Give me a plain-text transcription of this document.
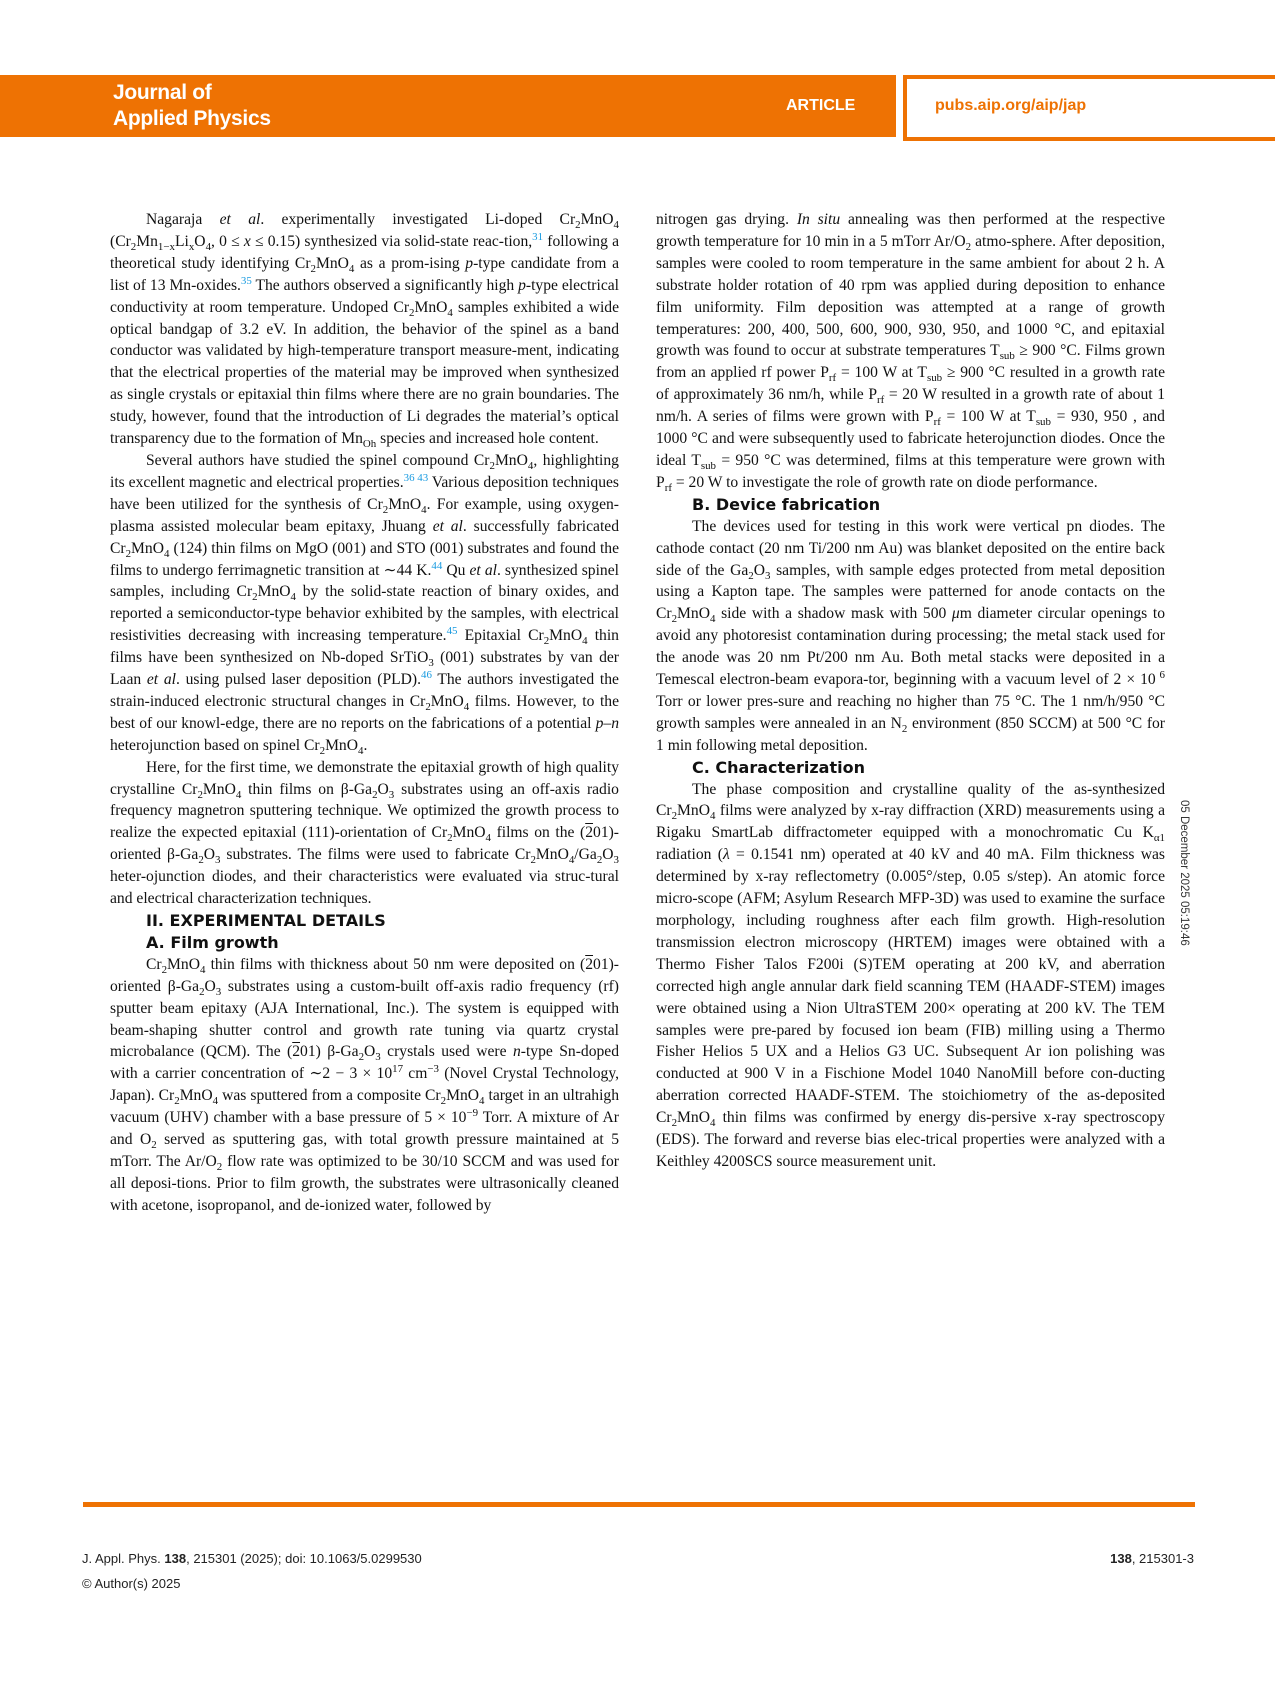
Journal of
Applied Physics
ARTICLE	pubs.aip.org/aip/jap

Nagaraja et al. experimentally investigated Li-doped $Cr_2MnO_4$ ($Cr_2Mn_{1-x}Li_xO_4$, 0 ≤ x ≤ 0.15) synthesized via solid-state reac-tion,$^{31}$ following a theoretical study identifying $Cr_2MnO_4$ as a prom-ising p-type candidate from a list of 13 Mn-oxides.$^{35}$ The authors observed a significantly high p-type electrical conductivity at room temperature. Undoped $Cr_2MnO_4$ samples exhibited a wide optical bandgap of 3.2 eV. In addition, the behavior of the spinel as a band conductor was validated by high-temperature transport measure-ment, indicating that the electrical properties of the material may be improved when synthesized as single crystals or epitaxial thin films where there are no grain boundaries. The study, however, found that the introduction of Li degrades the material’s optical transparency due to the formation of $Mn_{Oh}$ species and increased hole content.

Several authors have studied the spinel compound $Cr_2MnO_4$, highlighting its excellent magnetic and electrical properties.$^{36 43}$ Various deposition techniques have been utilized for the synthesis of $Cr_2MnO_4$. For example, using oxygen-plasma assisted molecular beam epitaxy, Jhuang et al. successfully fabricated $Cr_2MnO_4$ (124) thin films on MgO (001) and STO (001) substrates and found the films to undergo ferrimagnetic transition at ∼44 K.$^{44}$ Qu et al. synthesized spinel samples, including $Cr_2MnO_4$ by the solid-state reaction of binary oxides, and reported a semiconductor-type behavior exhibited by the samples, with electrical resistivities decreasing with increasing temperature.$^{45}$ Epitaxial $Cr_2MnO_4$ thin films have been synthesized on Nb-doped SrTiO$_3$ (001) substrates by van der Laan et al. using pulsed laser deposition (PLD).$^{46}$ The authors investigated the strain-induced electronic structural changes in $Cr_2MnO_4$ films. However, to the best of our knowl-edge, there are no reports on the fabrications of a potential p–n heterojunction based on spinel $Cr_2MnO_4$.

Here, for the first time, we demonstrate the epitaxial growth of high quality crystalline $Cr_2MnO_4$ thin films on $\beta-Ga_2O_3$ substrates using an off-axis radio frequency magnetron sputtering technique. We optimized the growth process to realize the expected epitaxial (111)-orientation of $Cr_2MnO_4$ films on the (201)-oriented $\beta-Ga_2O_3$ substrates. The films were used to fabricate $Cr_2MnO_4/Ga_2O_3$ heter-ojunction diodes, and their characteristics were evaluated via struc-tural and electrical characterization techniques.

II. EXPERIMENTAL DETAILS

A. Film growth

$Cr_2MnO_4$ thin films with thickness about 50 nm were deposited on (201)-oriented $\beta-Ga_2O_3$ substrates using a custom-built off-axis radio frequency (rf) sputter beam epitaxy (AJA International, Inc.). The system is equipped with beam-shaping shutter control and growth rate tuning via quartz crystal microbalance (QCM). The (201) $\beta-Ga_2O_3$ crystals used were n-type Sn-doped with a carrier concentration of ∼2 − $3 \times 10^{17}$ $cm^{-3}$ (Novel Crystal Technology, Japan). $Cr_2MnO_4$ was sputtered from a composite $Cr_2MnO_4$ target in an ultrahigh vacuum (UHV) chamber with a base pressure of $5 \times 10^{-9}$ Torr. A mixture of Ar and $O_2$ served as sputtering gas, with total growth pressure maintained at 5 mTorr. The $Ar/O_2$ flow rate was optimized to be 30/10 SCCM and was used for all deposi-tions. Prior to film growth, the substrates were ultrasonically cleaned with acetone, isopropanol, and de-ionized water, followed by

nitrogen gas drying. In situ annealing was then performed at the respective growth temperature for 10 min in a 5 mTorr $Ar/O_2$ atmo-sphere. After deposition, samples were cooled to room temperature in the same ambient for about 2 h. A substrate holder rotation of 40 rpm was applied during deposition to enhance film uniformity. Film deposition was attempted at a range of growth temperatures: 200, 400, 500, 600, 900, 930, 950, and 1000 °C, and epitaxial growth was found to occur at substrate temperatures $T_{sub} \ge 900$ °C. Films grown from an applied rf power $P_{rf} = 100$ W at $T_{sub} \ge 900$ °C resulted in a growth rate of approximately 36 nm/h, while $P_{rf} = 20$ W resulted in a growth rate of about 1 nm/h. A series of films were grown with $P_{rf} = 100$ W at $T_{sub} = 930$, 950 , and 1000 °C and were subsequently used to fabricate heterojunction diodes. Once the ideal $T_{sub} = 950$ °C was determined, films at this temperature were grown with $P_{rf} = 20$ W to investigate the role of growth rate on diode performance.

B. Device fabrication

The devices used for testing in this work were vertical pn diodes. The cathode contact (20 nm Ti/200 nm Au) was blanket deposited on the entire back side of the $Ga_2O_3$ samples, with sample edges protected from metal deposition using a Kapton tape. The samples were patterned for anode contacts on the $Cr_2MnO_4$ side with a shadow mask with 500 μm diameter circular openings to avoid any photoresist contamination during processing; the metal stack used for the anode was 20 nm Pt/200 nm Au. Both metal stacks were deposited in a Temescal electron-beam evapora-tor, beginning with a vacuum level of 2 × 10 $^6$ Torr or lower pres-sure and reaching no higher than 75 °C. The 1 nm/h/950 °C growth samples were annealed in an $N_2$ environment (850 SCCM) at 500 °C for 1 min following metal deposition.

C. Characterization

The phase composition and crystalline quality of the as-synthesized $Cr_2MnO_4$ films were analyzed by x-ray diffraction (XRD) measurements using a Rigaku SmartLab diffractometer equipped with a monochromatic Cu $K_{\alpha 1}$ radiation (λ = 0.1541 nm) operated at 40 kV and 40 mA. Film thickness was determined by x-ray reflectometry (0.005°/step, 0.05 s/step). An atomic force micro-scope (AFM; Asylum Research MFP-3D) was used to examine the surface morphology, including roughness after each film growth. High-resolution transmission electron microscopy (HRTEM) images were obtained with a Thermo Fisher Talos F200i (S)TEM operating at 200 kV, and aberration corrected high angle annular dark field scanning TEM (HAADF-STEM) images were obtained using a Nion UltraSTEM 200× operating at 200 kV. The TEM samples were pre-pared by focused ion beam (FIB) milling using a Thermo Fisher Helios 5 UX and a Helios G3 UC. Subsequent Ar ion polishing was conducted at 900 V in a Fischione Model 1040 NanoMill before con-ducting aberration corrected HAADF-STEM. The stoichiometry of the as-deposited $Cr_2MnO_4$ thin films was confirmed by energy dis-persive x-ray spectroscopy (EDS). The forward and reverse bias elec-trical properties were analyzed with a Keithley 4200SCS source measurement unit.

05 December 2025 05:19:46
J. Appl. Phys. 138, 215301 (2025); doi: 10.1063/5.0299530
© Author(s) 2025
138, 215301-3
